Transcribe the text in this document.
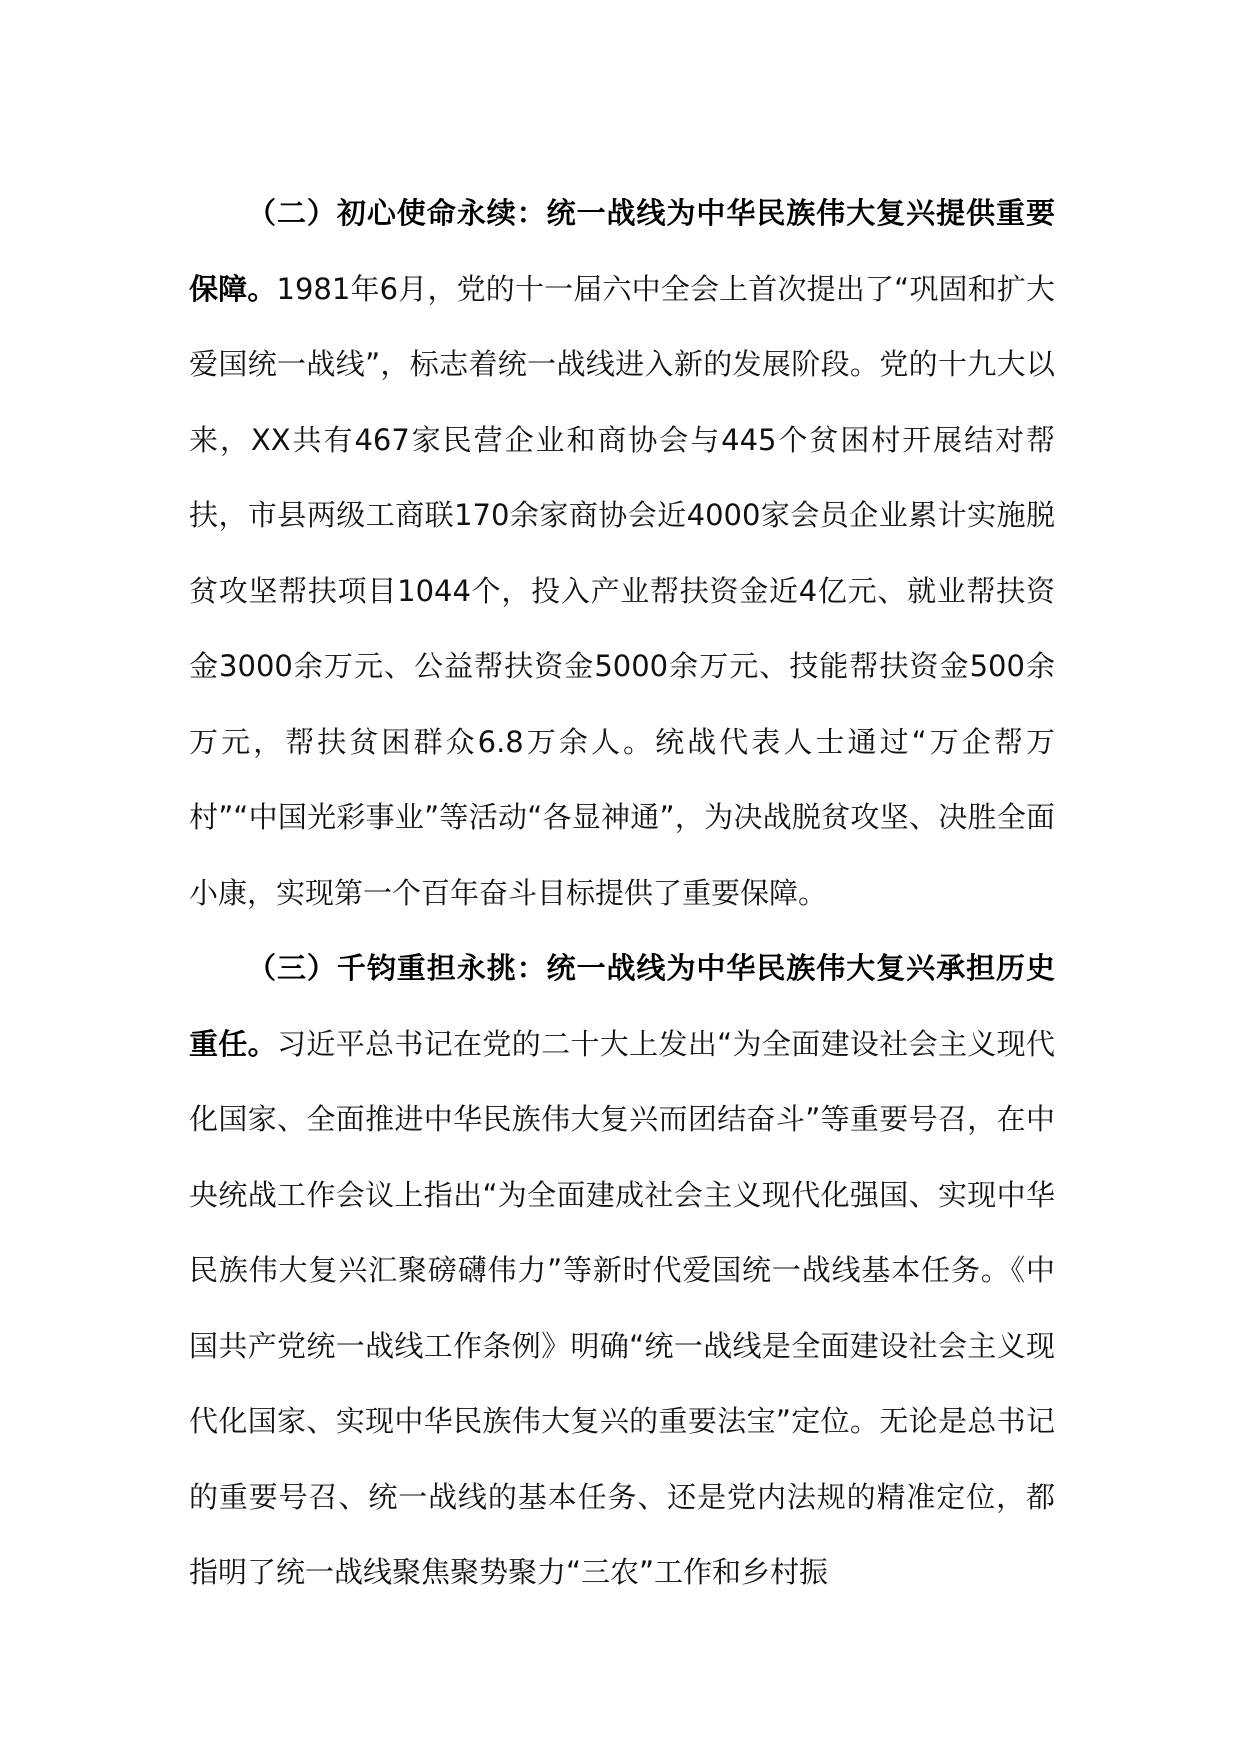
（二）初心使命永续：统一战线为中华民族伟大复兴提供重要保障。1981年6月，党的十一届六中全会上首次提出了“巩固和扩大爱国统一战线”，标志着统一战线进入新的发展阶段。党的十九大以来，XX共有467家民营企业和商协会与445个贫困村开展结对帮扶，市县两级工商联170余家商协会近4000家会员企业累计实施脱贫攻坚帮扶项目1044个，投入产业帮扶资金近4亿元、就业帮扶资金3000余万元、公益帮扶资金5000余万元、技能帮扶资金500余万元，帮扶贫困群众6.8万余人。统战代表人士通过“万企帮万村”“中国光彩事业”等活动“各显神通”，为决战脱贫攻坚、决胜全面小康，实现第一个百年奋斗目标提供了重要保障。

（三）千钧重担永挑：统一战线为中华民族伟大复兴承担历史重任。习近平总书记在党的二十大上发出“为全面建设社会主义现代化国家、全面推进中华民族伟大复兴而团结奋斗”等重要号召，在中央统战工作会议上指出“为全面建成社会主义现代化强国、实现中华民族伟大复兴汇聚磅礴伟力”等新时代爱国统一战线基本任务。《中国共产党统一战线工作条例》明确“统一战线是全面建设社会主义现代化国家、实现中华民族伟大复兴的重要法宝”定位。无论是总书记的重要号召、统一战线的基本任务、还是党内法规的精准定位，都指明了统一战线聚焦聚势聚力“三农”工作和乡村振
